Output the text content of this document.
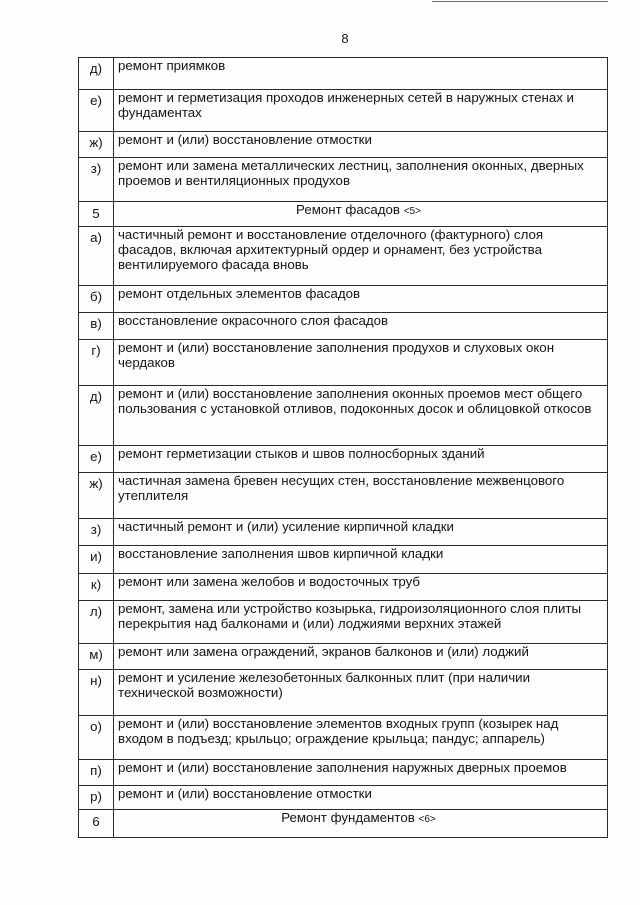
8
д)	ремонт приямков
е)	ремонт и герметизация проходов инженерных сетей в наружных стенах и фундаментах
ж)	ремонт и (или) восстановление отмостки
з)	ремонт или замена металлических лестниц, заполнения оконных, дверных проемов и вентиляционных продухов
5	Ремонт фасадов <5>
а)	частичный ремонт и восстановление отделочного (фактурного) слоя фасадов, включая архитектурный ордер и орнамент, без устройства вентилируемого фасада вновь
б)	ремонт отдельных элементов фасадов
в)	восстановление окрасочного слоя фасадов
г)	ремонт и (или) восстановление заполнения продухов и слуховых окон чердаков
д)	ремонт и (или) восстановление заполнения оконных проемов мест общего пользования с установкой отливов, подоконных досок и облицовкой откосов
е)	ремонт герметизации стыков и швов полносборных зданий
ж)	частичная замена бревен несущих стен, восстановление межвенцового утеплителя
з)	частичный ремонт и (или) усиление кирпичной кладки
и)	восстановление заполнения швов кирпичной кладки
к)	ремонт или замена желобов и водосточных труб
л)	ремонт, замена или устройство козырька, гидроизоляционного слоя плиты перекрытия над балконами и (или) лоджиями верхних этажей
м)	ремонт или замена ограждений, экранов балконов и (или) лоджий
н)	ремонт и усиление железобетонных балконных плит (при наличии технической возможности)
о)	ремонт и (или) восстановление элементов входных групп (козырек над входом в подъезд; крыльцо; ограждение крыльца; пандус; аппарель)
п)	ремонт и (или) восстановление заполнения наружных дверных проемов
р)	ремонт и (или) восстановление отмостки
6	Ремонт фундаментов <6>
